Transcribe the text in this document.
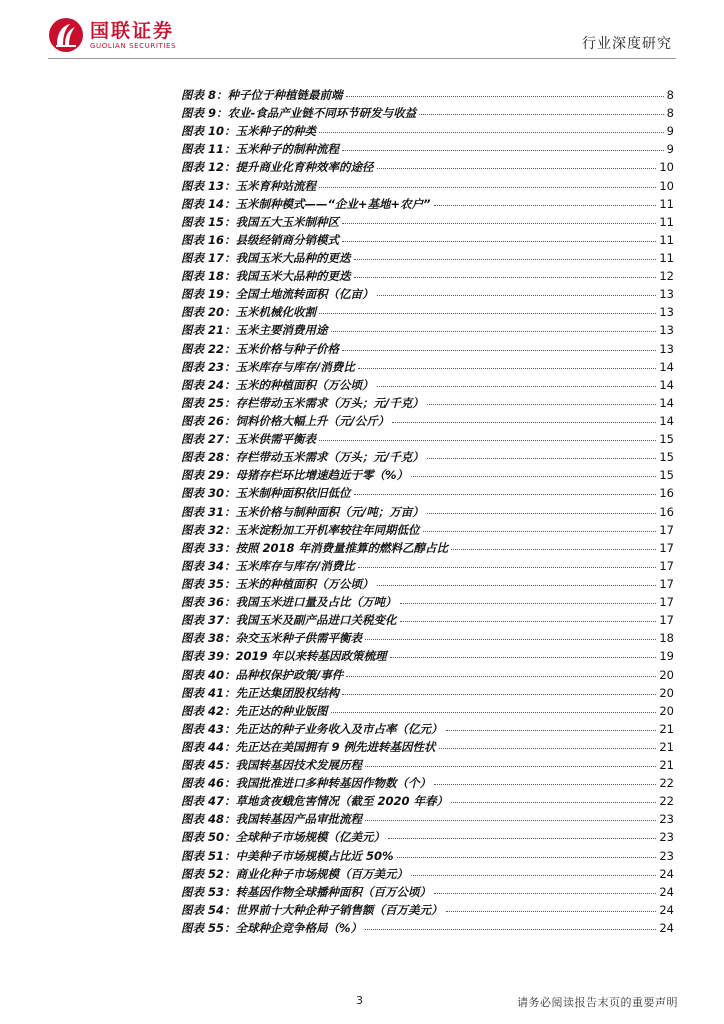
国联证券
GUOLIAN SECURITIES	行业深度研究
图表 8：种子位于种植链最前端	8
图表 9：农业-食品产业链不同环节研发与收益	8
图表 10：玉米种子的种类	9
图表 11：玉米种子的制种流程	9
图表 12：提升商业化育种效率的途径	10
图表 13：玉米育种站流程	10
图表 14：玉米制种模式——“企业+基地+农户”	11
图表 15：我国五大玉米制种区	11
图表 16：县级经销商分销模式	11
图表 17：我国玉米大品种的更迭	11
图表 18：我国玉米大品种的更迭	12
图表 19：全国土地流转面积（亿亩）	13
图表 20：玉米机械化收割	13
图表 21：玉米主要消费用途	13
图表 22：玉米价格与种子价格	13
图表 23：玉米库存与库存/消费比	14
图表 24：玉米的种植面积（万公顷）	14
图表 25：存栏带动玉米需求（万头；元/千克）	14
图表 26：饲料价格大幅上升（元/公斤）	14
图表 27：玉米供需平衡表	15
图表 28：存栏带动玉米需求（万头；元/千克）	15
图表 29：母猪存栏环比增速趋近于零（%）	15
图表 30：玉米制种面积依旧低位	16
图表 31：玉米价格与制种面积（元/吨；万亩）	16
图表 32：玉米淀粉加工开机率较往年同期低位	17
图表 33：按照 2018 年消费量推算的燃料乙醇占比	17
图表 34：玉米库存与库存/消费比	17
图表 35：玉米的种植面积（万公顷）	17
图表 36：我国玉米进口量及占比（万吨）	17
图表 37：我国玉米及副产品进口关税变化	17
图表 38：杂交玉米种子供需平衡表	18
图表 39：2019 年以来转基因政策梳理	19
图表 40：品种权保护政策/事件	20
图表 41：先正达集团股权结构	20
图表 42：先正达的种业版图	20
图表 43：先正达的种子业务收入及市占率（亿元）	21
图表 44：先正达在美国拥有 9 例先进转基因性状	21
图表 45：我国转基因技术发展历程	21
图表 46：我国批准进口多种转基因作物数（个）	22
图表 47：草地贪夜蛾危害情况（截至 2020 年春）	22
图表 48：我国转基因产品审批流程	23
图表 50：全球种子市场规模（亿美元）	23
图表 51：中美种子市场规模占比近 50%	23
图表 52：商业化种子市场规模（百万美元）	24
图表 53：转基因作物全球播种面积（百万公顷）	24
图表 54：世界前十大种企种子销售额（百万美元）	24
图表 55：全球种企竞争格局（%）	24
3	请务必阅读报告末页的重要声明
